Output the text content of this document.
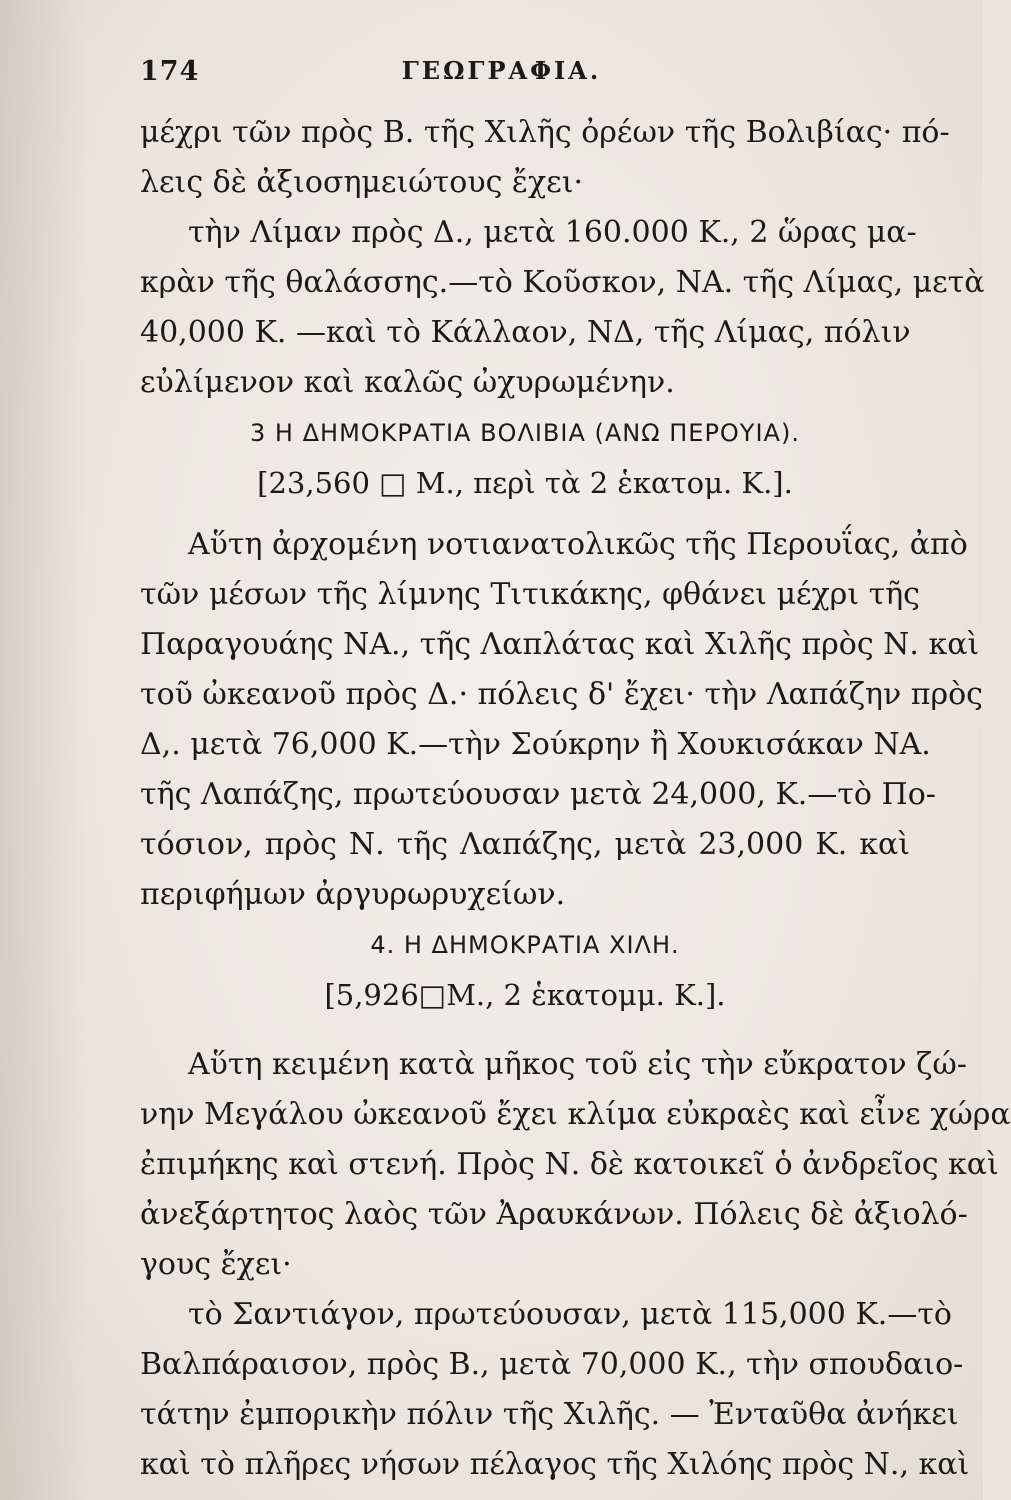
174	ΓΕΩΓΡΑΦΙΑ.
μέχρι τῶν πρὸς Β. τῆς Χιλῆς ὀρέων τῆς Βολιβίας· πό-
λεις δὲ ἀξιοσημειώτους ἔχει·
τὴν Λίμαν πρὸς Δ., μετὰ 160.000 Κ., 2 ὥρας μα-
κρὰν τῆς θαλάσσης.—τὸ Κοῦσκον, ΝΑ. τῆς Λίμας, μετὰ
40,000 Κ. —καὶ τὸ Κάλλαον, ΝΔ, τῆς Λίμας, πόλιν
εὐλίμενον καὶ καλῶς ὠχυρωμένην.
3 Η ΔΗΜΟΚΡΑΤΙΑ ΒΟΛΙΒΙΑ (ΑΝΩ ΠΕΡΟΥΙΑ).
[23,560 □ Μ., περὶ τὰ 2 ἑκατομ. Κ.].
Αὕτη ἀρχομένη νοτιανατολικῶς τῆς Περουΐας, ἀπὸ
τῶν μέσων τῆς λίμνης Τιτικάκης, φθάνει μέχρι τῆς
Παραγουάης ΝΑ., τῆς Λαπλάτας καὶ Χιλῆς πρὸς Ν. καὶ
τοῦ ὠκεανοῦ πρὸς Δ.· πόλεις δ' ἔχει· τὴν Λαπάζην πρὸς
Δ,. μετὰ 76,000 Κ.—τὴν Σούκρην ἢ Χουκισάκαν ΝΑ.
τῆς Λαπάζης, πρωτεύουσαν μετὰ 24,000, Κ.—τὸ Πο-
τόσιον, πρὸς Ν. τῆς Λαπάζης, μετὰ 23,000 Κ. καὶ
περιφήμων ἀργυρωρυχείων.
4. Η ΔΗΜΟΚΡΑΤΙΑ ΧΙΛΗ.
[5,926□Μ., 2 ἑκατομμ. Κ.].
Αὕτη κειμένη κατὰ μῆκος τοῦ εἰς τὴν εὔκρατον ζώ-
νην Μεγάλου ὠκεανοῦ ἔχει κλίμα εὐκραὲς καὶ εἶνε χώρα
ἐπιμήκης καὶ στενή. Πρὸς Ν. δὲ κατοικεῖ ὁ ἀνδρεῖος καὶ
ἀνεξάρτητος λαὸς τῶν Ἀραυκάνων. Πόλεις δὲ ἀξιολό-
γους ἔχει·
τὸ Σαντιάγον, πρωτεύουσαν, μετὰ 115,000 Κ.—τὸ
Βαλπάραισον, πρὸς Β., μετὰ 70,000 Κ., τὴν σπουδαιο-
τάτην ἐμπορικὴν πόλιν τῆς Χιλῆς. — Ἐνταῦθα ἀνήκει
καὶ τὸ πλῆρες νήσων πέλαγος τῆς Χιλόης πρὸς Ν., καὶ
